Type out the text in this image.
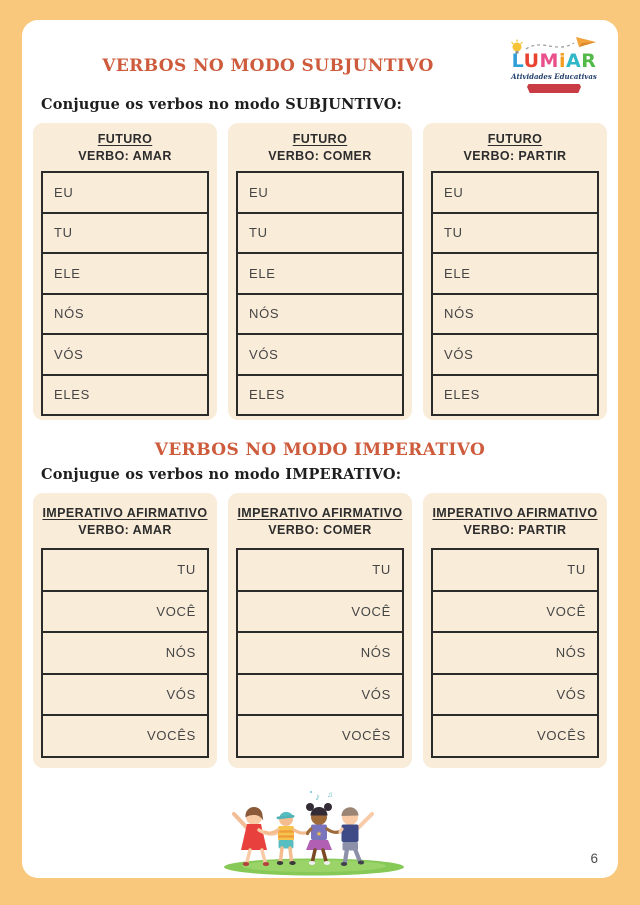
VERBOS NO MODO SUBJUNTIVO	LUMiAR
Atividades Educativas
Conjugue os verbos no modo SUBJUNTIVO:
FUTURO
VERBO: AMAR
EU
TU
ELE
NÓS
VÓS
ELES
FUTURO
VERBO: COMER
EU
TU
ELE
NÓS
VÓS
ELES
FUTURO
VERBO: PARTIR
EU
TU
ELE
NÓS
VÓS
ELES
VERBOS NO MODO IMPERATIVO
Conjugue os verbos no modo IMPERATIVO:
IMPERATIVO AFIRMATIVO
VERBO: AMAR
TU
VOCÊ
NÓS
VÓS
VOCÊS
IMPERATIVO AFIRMATIVO
VERBO: COMER
TU
VOCÊ
NÓS
VÓS
VOCÊS
IMPERATIVO AFIRMATIVO
VERBO: PARTIR
TU
VOCÊ
NÓS
VÓS
VOCÊS
♪ ♫
★
6
